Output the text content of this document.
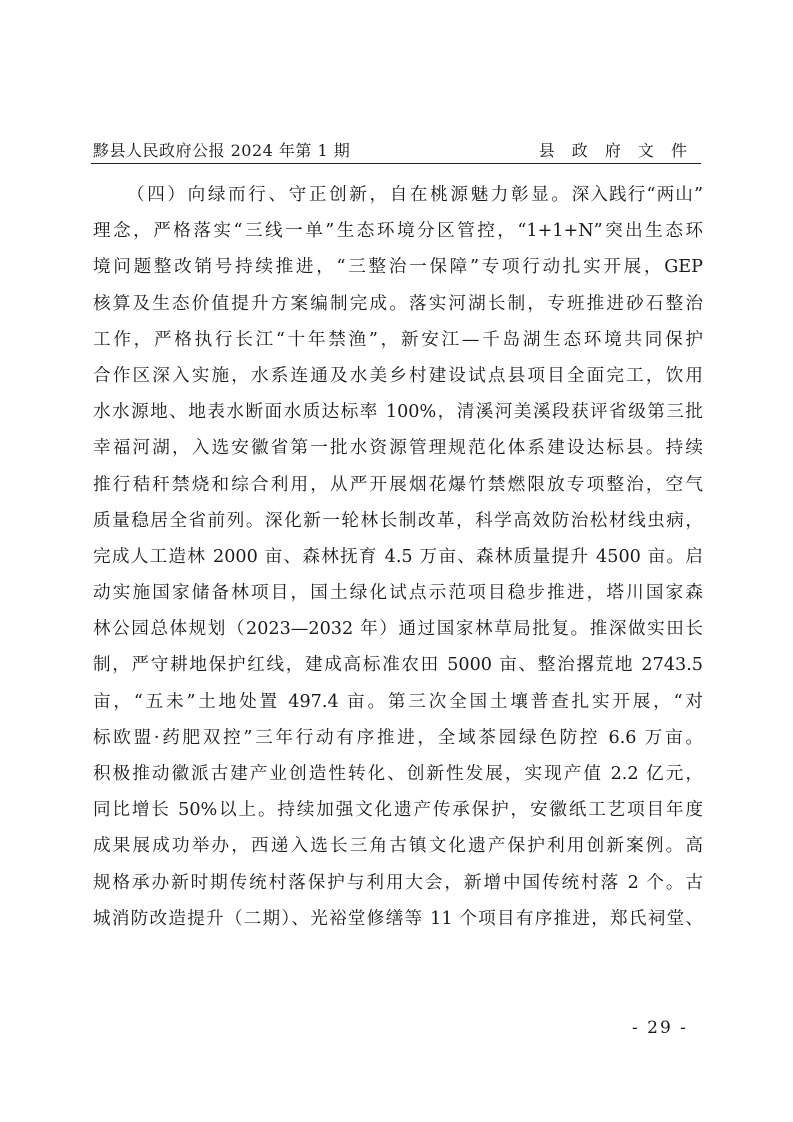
黟县人民政府公报 2024 年第 1 期	县 政 府 文 件
（四）向绿而行、守正创新，自在桃源魅力彰显。深入践行“两山”
理念，严格落实“三线一单”生态环境分区管控，“1+1+N”突出生态环
境问题整改销号持续推进，“三整治一保障”专项行动扎实开展，GEP
核算及生态价值提升方案编制完成。落实河湖长制，专班推进砂石整治
工作，严格执行长江“十年禁渔”，新安江—千岛湖生态环境共同保护
合作区深入实施，水系连通及水美乡村建设试点县项目全面完工，饮用
水水源地、地表水断面水质达标率 100%，清溪河美溪段获评省级第三批
幸福河湖，入选安徽省第一批水资源管理规范化体系建设达标县。持续
推行秸秆禁烧和综合利用，从严开展烟花爆竹禁燃限放专项整治，空气
质量稳居全省前列。深化新一轮林长制改革，科学高效防治松材线虫病，
完成人工造林 2000 亩、森林抚育 4.5 万亩、森林质量提升 4500 亩。启
动实施国家储备林项目，国土绿化试点示范项目稳步推进，塔川国家森
林公园总体规划（2023—2032 年）通过国家林草局批复。推深做实田长
制，严守耕地保护红线，建成高标准农田 5000 亩、整治撂荒地 2743.5
亩，“五未”土地处置 497.4 亩。第三次全国土壤普查扎实开展，“对
标欧盟·药肥双控”三年行动有序推进，全域茶园绿色防控 6.6 万亩。
积极推动徽派古建产业创造性转化、创新性发展，实现产值 2.2 亿元，
同比增长 50%以上。持续加强文化遗产传承保护，安徽纸工艺项目年度
成果展成功举办，西递入选长三角古镇文化遗产保护利用创新案例。高
规格承办新时期传统村落保护与利用大会，新增中国传统村落 2 个。古
城消防改造提升（二期）、光裕堂修缮等 11 个项目有序推进，郑氏祠堂、
- 29 -
